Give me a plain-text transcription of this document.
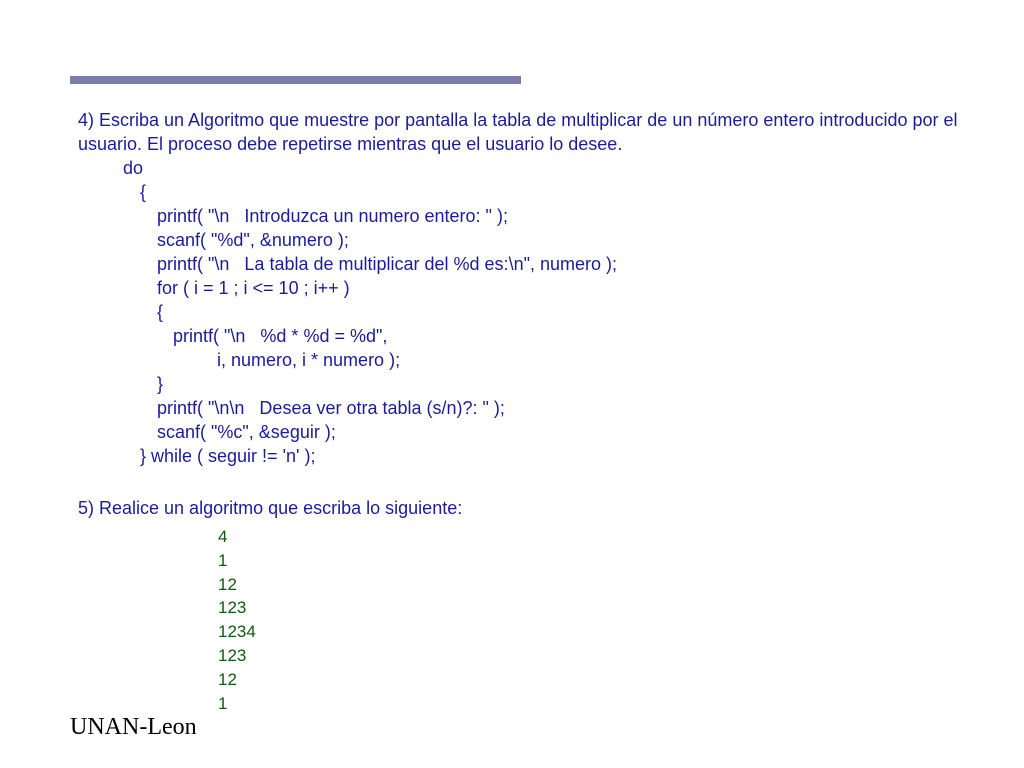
4) Escriba un Algoritmo que muestre por pantalla la tabla de multiplicar de un número entero introducido por el usuario. El proceso debe repetirse mientras que el usuario lo desee.

do
{
printf( "\n   Introduzca un numero entero: " );
scanf( "%d", &numero );
printf( "\n   La tabla de multiplicar del %d es:\n", numero );
for ( i = 1 ; i <= 10 ; i++ )
{
printf( "\n   %d * %d = %d",
i, numero, i * numero );
}
printf( "\n\n   Desea ver otra tabla (s/n)?: " );
scanf( "%c", &seguir );
} while ( seguir != 'n' );

5) Realice un algoritmo que escriba lo siguiente:

4
1
12
123
1234
123
12
1
UNAN-Leon
